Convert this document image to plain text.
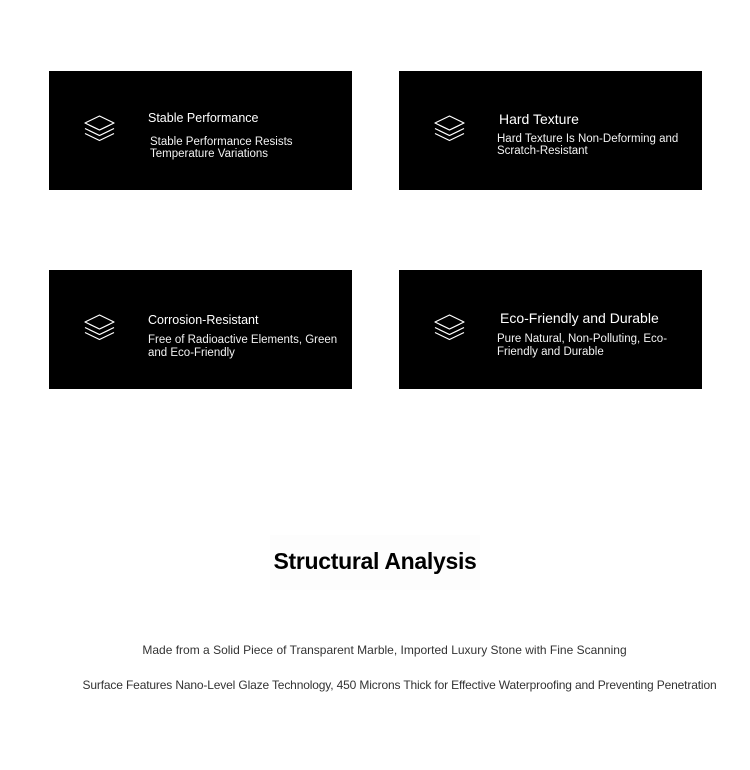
Stable Performance
Stable Performance Resists Temperature Variations
Hard Texture
Hard Texture Is Non-Deforming and Scratch-Resistant
Corrosion-Resistant
Free of Radioactive Elements, Green and Eco-Friendly
Eco-Friendly and Durable
Pure Natural, Non-Polluting, Eco-Friendly and Durable
Structural Analysis
Made from a Solid Piece of Transparent Marble, Imported Luxury Stone with Fine Scanning
Surface Features Nano-Level Glaze Technology, 450 Microns Thick for Effective Waterproofing and Preventing Penetration
